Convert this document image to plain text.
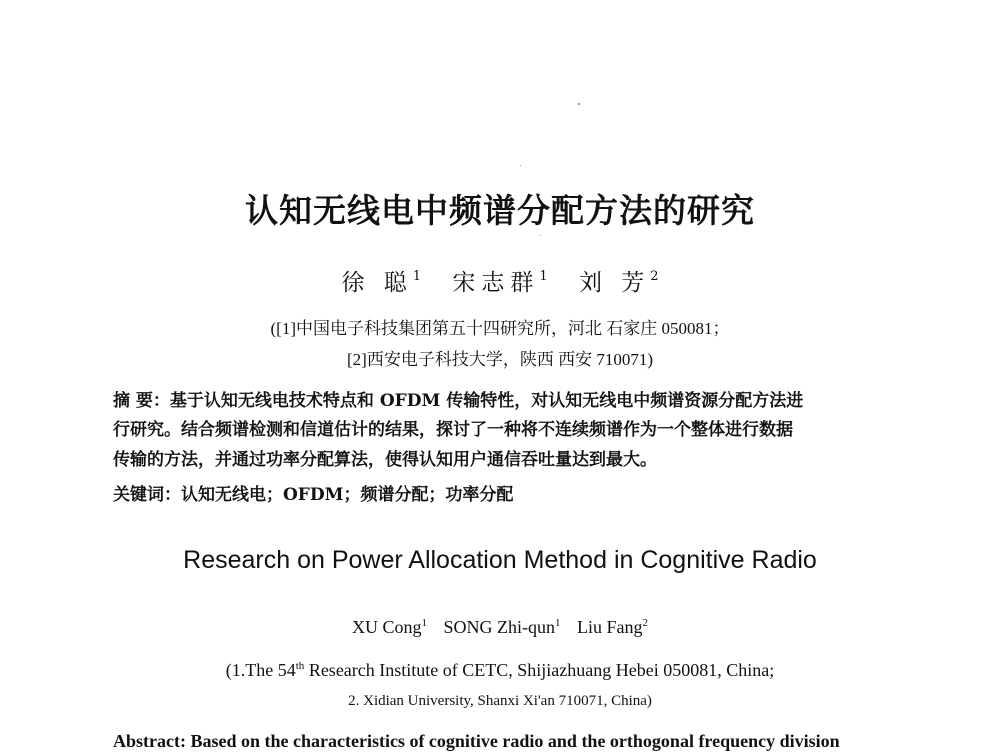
认知无线电中频谱分配方法的研究
徐 聪$^1$ 宋志群$^1$ 刘 芳$^2$
([1]中国电子科技集团第五十四研究所，河北 石家庄 050081；
[2]西安电子科技大学，陕西 西安 710071)
摘 要：基于认知无线电技术特点和 OFDM 传输特性，对认知无线电中频谱资源分配方法进
行研究。结合频谱检测和信道估计的结果，探讨了一种将不连续频谱作为一个整体进行数据
传输的方法，并通过功率分配算法，使得认知用户通信吞吐量达到最大。
关键词：认知无线电；OFDM；频谱分配；功率分配
Research on Power Allocation Method in Cognitive Radio
XU Cong$^1$ SONG Zhi-qun$^1$ Liu Fang$^2$
(1.The 54th Research Institute of CETC, Shijiazhuang Hebei 050081, China;
2. Xidian University, Shanxi Xi'an 710071, China)
Abstract: Based on the characteristics of cognitive radio and the orthogonal frequency division
